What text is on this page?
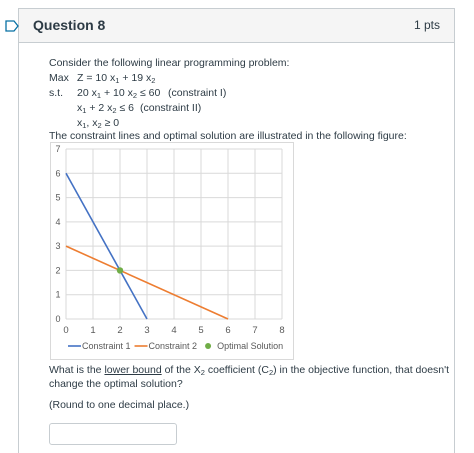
Question 8	1 pts
Consider the following linear programming problem:
Max Z = 10 $x_1 + 19$ $x_2$
s.t. 20 $x_1 + 10$ $x_2 \le 60$ (constraint I)
$x_1 + 2$ $x_2 \le 6$ (constraint II)
$x_1$, $x_2 \ge 0$
The constraint lines and optimal solution are illustrated in the following figure:
0 1 2 3 4 5 6 7 8
0
1
2
3
4
5
6
7
Constraint 1 Constraint 2 Optimal Solution
What is the lower bound of the $X_2$ coefficient $(C_2)$ in the objective function, that doesn't
change the optimal solution?
(Round to one decimal place.)
